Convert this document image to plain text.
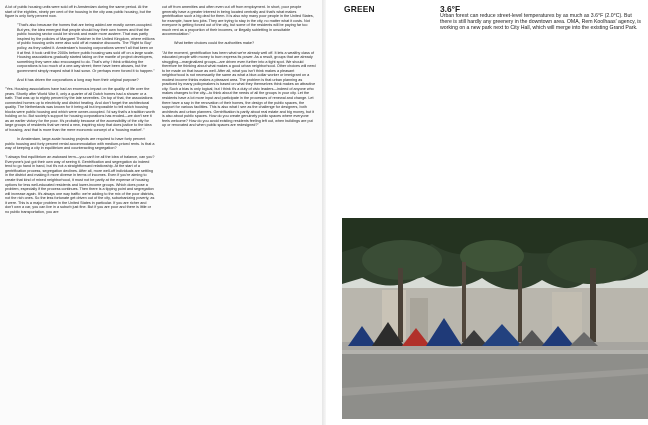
A lot of public housing units were sold off in Amsterdam during the same period. At the start of the eighties, ninety per cent of the housing in the city was public housing, but the figure is only forty percent now.

"That's also because the homes that are being added are mostly owner-occupied. But yes, the idea emerged that people should buy their own homes and that the public housing sector could be shrunk and made more austere. That was partly inspired by the policies of Margaret Thatcher in the United Kingdom, where millions of public housing units were also sold off at massive discounts. The 'Right to Buy' policy, as they called it. Amsterdam's housing corporations weren't all that keen on it at first. It took until the 2000s before public housing was sold off on a large scale. Housing associations gradually started taking on the mantle of project developers, something they were also encouraged to do. That's why I think criticizing the corporations is too much of a one-way street; there have been abuses, but the government simply reaped what it had sown. Or perhaps even forced it to happen."

And it has driven the corporations a long way from their original purpose?

"Yes. Housing associations have had an enormous impact on the quality of life over the years. Shortly after World War II, only a quarter of all Dutch homes had a shower or a bath. That was up to eighty percent by the late seventies. On top of that, the associations connected homes up to electricity and district heating. And don't forget the architectural quality. The Netherlands was known for it being all but impossible to tell which housing blocks were public housing and which were owner-occupied. I'd say that's a tradition worth holding on to. But society's support for housing corporations has eroded—we don't see it as an earlier victory for the poor. It's probably because of the accessibility of the city for large groups of residents that we need a new, inspiring story that does justice to the idea of housing, and that is more than the mere economic concept of a 'housing market'."

In Amsterdam, large-scale housing projects are required to have forty percent public housing and forty percent rental accommodation with medium-priced rents. Is that a way of keeping a city in equilibrium and counteracting segregation?

"I always find equilibrium an awkward term—you can't be all the idea of balance, can you? Everyone's just got their own way of seeing it. Gentrification and segregation do indeed tend to go hand in hand, but it's not a straightforward relationship. At the start of a gentrification process, segregation declines. After all, more well-off individuals are settling in the district and making it more diverse in terms of incomes. Even if you're aiming to create that kind of mixed neighborhood, it must not be partly at the expense of housing options for less well-educated residents and lower-income groups. Which does pose a problem, especially if the process continues. Then there is a tipping point and segregation will increase again. It's always one way traffic: we're adding to the mix of the poor districts, not the rich ones. So the less fortunate get driven out of the city, suburbanizing poverty, as it were. This is a major problem in the United States in particular. If you are richer and don't own a car, you can live in a suburb just fine. But if you are poor and there is little or no public transportation, you are

cut off from amenities and often even cut off from employment. In short, poor people generally have a greater interest in being located centrally and that's what makes gentrification such a big deal for them. It is also why many poor people in the United States, for example, have two jobs. They are trying to stay in the city, no matter what it costs. Not everyone is getting forced out of the city, but some of the residents will be paying far too much rent as a proportion of their incomes, or illegally subletting in unsuitable accommodation."

What better choices could the authorities make?

"At the moment, gentrification has been what we're already well off. It lets a wealthy class of educated people with money to burn express its power. As a result, groups that are already struggling—marginalized groups—are driven even further into a tight spot. We should therefore be thinking about what makes a good urban neighborhood. Other choices will need to be made on that issue as well. After all, what you isn't think makes a pleasant neighborhood is not necessarily the same as what a blue-collar worker or immigrant on a modest income thinks makes a pleasant area. The problem is that urban planning as practiced by many policymakers is based on what they themselves think makes an attractive city. Such a bias is only logical, but I think it's a duty of civic leaders—indeed of anyone who makes changes to the city—to think about the needs of all the groups in your city. Let the residents have a lot more input and participate in the processes of renewal and change. Let there have a say in the renovation of their homes, the design of the public spaces, the support for various facilities. This is also what I see as the challenge for designers, both architects and urban planners. Gentrification is partly about real estate and big money, but it is also about public spaces. How do you create genuinely public spaces where everyone feels welcome? How do you avoid existing residents feeling left out, when buildings are put up or renovated and when public spaces are redesigned?"

GREEN	3.6°F
Urban forest can reduce street-level temperatures by as much as 3.6°F (2.0°C). But there is still hardly any greenery in the downtown area. OMA, Rem Koolhaas' agency, is working on a new park next to City Hall, which will merge into the existing Grand Park.
